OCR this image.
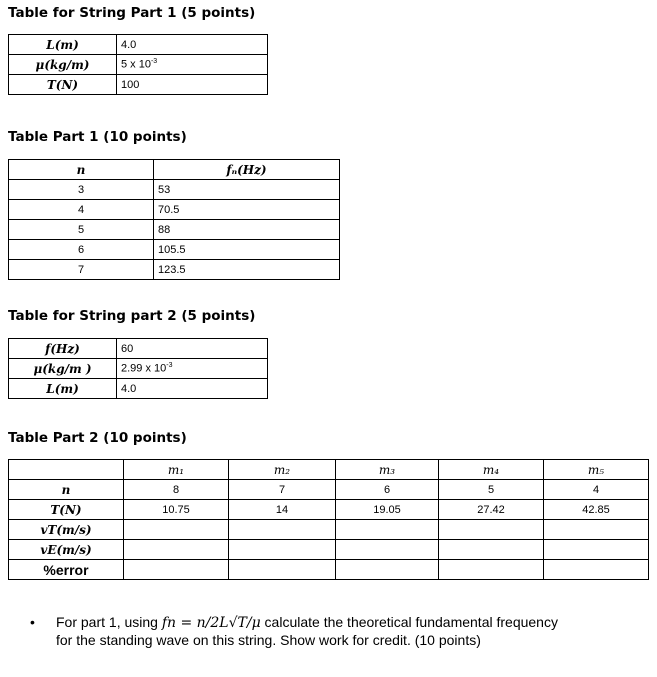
Table for String Part 1 (5 points)
L(m)	4.0
μ(kg/m)	5 x $10^{-3}$
T(N)	100
Table Part 1 (10 points)
n	fₙ(Hz)
3	53
4	70.5
5	88
6	105.5
7	123.5
Table for String part 2 (5 points)
f(Hz)	60
μ(kg/m )	2.99 x $10^{-3}$
L(m)	4.0
Table Part 2 (10 points)
	m₁	m₂	m₃	m₄	m₅
n	8	7	6	5	4
T(N)	10.75	14	19.05	27.42	42.85
vT(m/s)					
vE(m/s)					
%error					
• For part 1, using fn = n/2L√T/μ calculate the theoretical fundamental frequency for the standing wave on this string. Show work for credit. (10 points)
